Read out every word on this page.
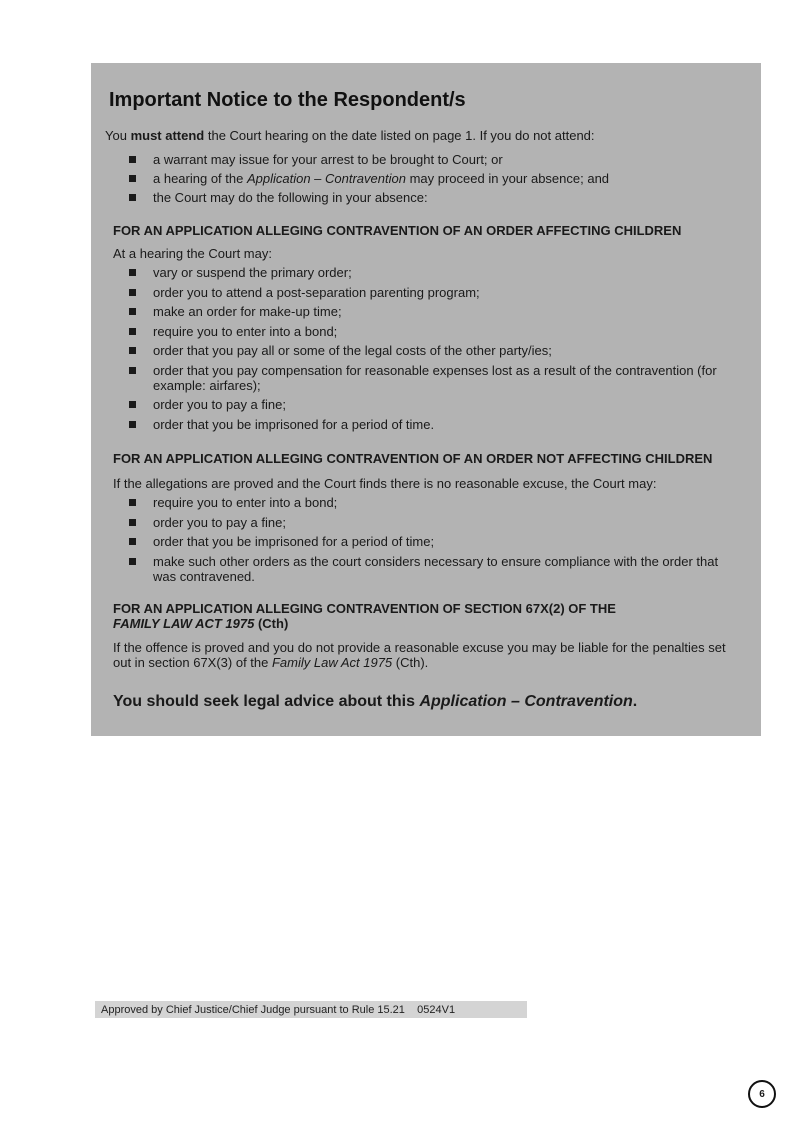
Important Notice to the Respondent/s

You must attend the Court hearing on the date listed on page 1. If you do not attend:

a warrant may issue for your arrest to be brought to Court; or
a hearing of the Application – Contravention may proceed in your absence; and
the Court may do the following in your absence:

FOR AN APPLICATION ALLEGING CONTRAVENTION OF AN ORDER AFFECTING CHILDREN

At a hearing the Court may:

vary or suspend the primary order;
order you to attend a post-separation parenting program;
make an order for make-up time;
require you to enter into a bond;
order that you pay all or some of the legal costs of the other party/ies;
order that you pay compensation for reasonable expenses lost as a result of the contravention (for example: airfares);
order you to pay a fine;
order that you be imprisoned for a period of time.

FOR AN APPLICATION ALLEGING CONTRAVENTION OF AN ORDER NOT AFFECTING CHILDREN

If the allegations are proved and the Court finds there is no reasonable excuse, the Court may:

require you to enter into a bond;
order you to pay a fine;
order that you be imprisoned for a period of time;
make such other orders as the court considers necessary to ensure compliance with the order that was contravened.

FOR AN APPLICATION ALLEGING CONTRAVENTION OF SECTION 67X(2) OF THE
FAMILY LAW ACT 1975 (Cth)

If the offence is proved and you do not provide a reasonable excuse you may be liable for the penalties set out in section 67X(3) of the Family Law Act 1975 (Cth).

You should seek legal advice about this Application – Contravention.

Approved by Chief Justice/Chief Judge pursuant to Rule 15.21    0524V1

6
